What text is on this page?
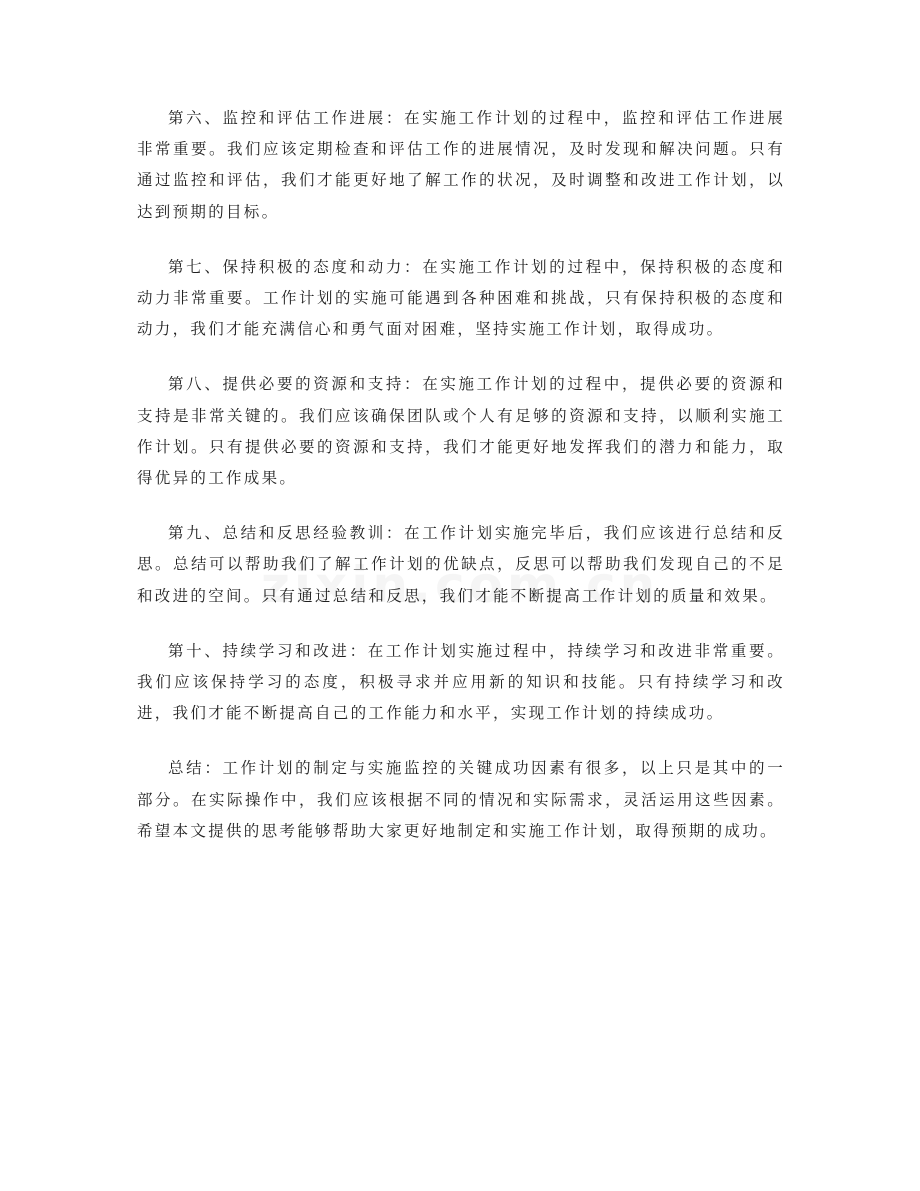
第六、监控和评估工作进展：在实施工作计划的过程中，监控和评估工作进展非常重要。我们应该定期检查和评估工作的进展情况，及时发现和解决问题。只有通过监控和评估，我们才能更好地了解工作的状况，及时调整和改进工作计划，以达到预期的目标。

第七、保持积极的态度和动力：在实施工作计划的过程中，保持积极的态度和动力非常重要。工作计划的实施可能遇到各种困难和挑战，只有保持积极的态度和动力，我们才能充满信心和勇气面对困难，坚持实施工作计划，取得成功。

第八、提供必要的资源和支持：在实施工作计划的过程中，提供必要的资源和支持是非常关键的。我们应该确保团队或个人有足够的资源和支持，以顺利实施工作计划。只有提供必要的资源和支持，我们才能更好地发挥我们的潜力和能力，取得优异的工作成果。

第九、总结和反思经验教训：在工作计划实施完毕后，我们应该进行总结和反思。总结可以帮助我们了解工作计划的优缺点，反思可以帮助我们发现自己的不足和改进的空间。只有通过总结和反思，我们才能不断提高工作计划的质量和效果。

第十、持续学习和改进：在工作计划实施过程中，持续学习和改进非常重要。我们应该保持学习的态度，积极寻求并应用新的知识和技能。只有持续学习和改进，我们才能不断提高自己的工作能力和水平，实现工作计划的持续成功。

总结：工作计划的制定与实施监控的关键成功因素有很多，以上只是其中的一部分。在实际操作中，我们应该根据不同的情况和实际需求，灵活运用这些因素。希望本文提供的思考能够帮助大家更好地制定和实施工作计划，取得预期的成功。
